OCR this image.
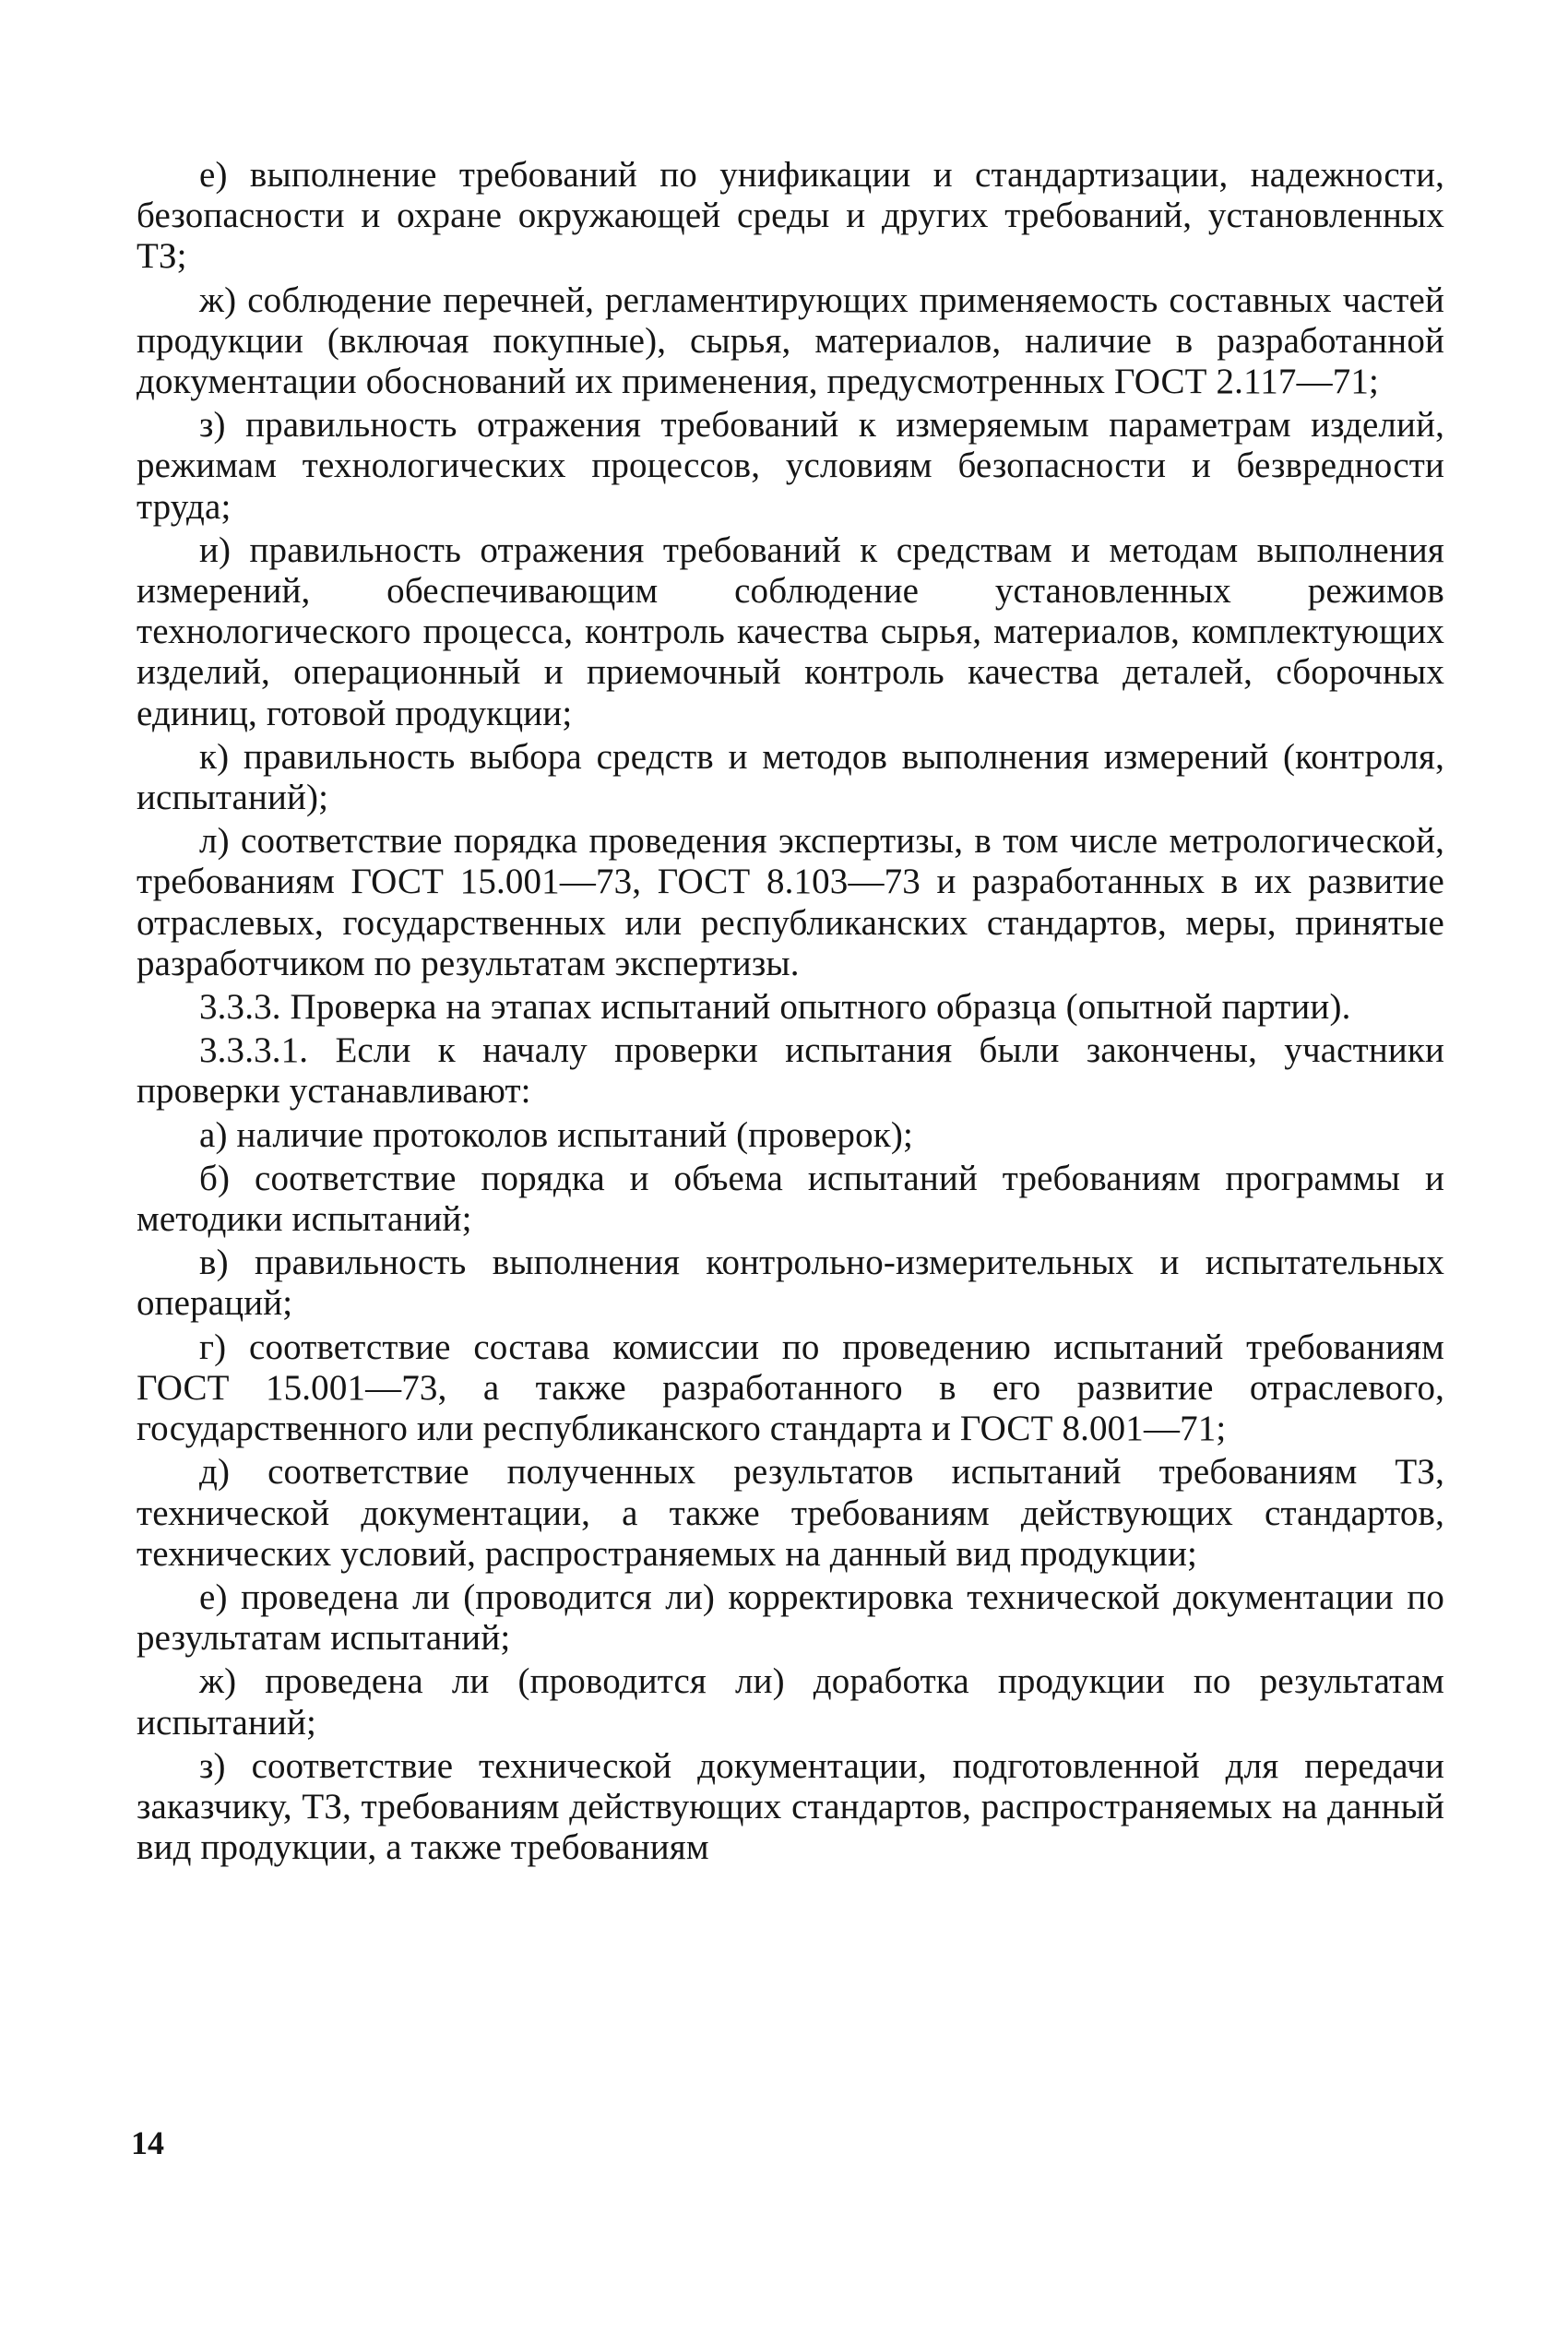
е) выполнение требований по унификации и стандартизации, надежности, безопасности и охране окружающей среды и других требований, установленных ТЗ;

ж) соблюдение перечней, регламентирующих применяемость составных частей продукции (включая покупные), сырья, материалов, наличие в разработанной документации обоснований их применения, предусмотренных ГОСТ 2.117—71;

з) правильность отражения требований к измеряемым параметрам изделий, режимам технологических процессов, условиям безопасности и безвредности труда;

и) правильность отражения требований к средствам и методам выполнения измерений, обеспечивающим соблюдение установленных режимов технологического процесса, контроль качества сырья, материалов, комплектующих изделий, операционный и приемочный контроль качества деталей, сборочных единиц, готовой продукции;

к) правильность выбора средств и методов выполнения измерений (контроля, испытаний);

л) соответствие порядка проведения экспертизы, в том числе метрологической, требованиям ГОСТ 15.001—73, ГОСТ 8.103—73 и разработанных в их развитие отраслевых, государственных или республиканских стандартов, меры, принятые разработчиком по результатам экспертизы.

3.3.3. Проверка на этапах испытаний опытного образца (опытной партии).

3.3.3.1. Если к началу проверки испытания были закончены, участники проверки устанавливают:

а) наличие протоколов испытаний (проверок);

б) соответствие порядка и объема испытаний требованиям программы и методики испытаний;

в) правильность выполнения контрольно-измерительных и испытательных операций;

г) соответствие состава комиссии по проведению испытаний требованиям ГОСТ 15.001—73, а также разработанного в его развитие отраслевого, государственного или республиканского стандарта и ГОСТ 8.001—71;

д) соответствие полученных результатов испытаний требованиям ТЗ, технической документации, а также требованиям действующих стандартов, технических условий, распространяемых на данный вид продукции;

е) проведена ли (проводится ли) корректировка технической документации по результатам испытаний;

ж) проведена ли (проводится ли) доработка продукции по результатам испытаний;

з) соответствие технической документации, подготовленной для передачи заказчику, ТЗ, требованиям действующих стандартов, распространяемых на данный вид продукции, а также требованиям

14
